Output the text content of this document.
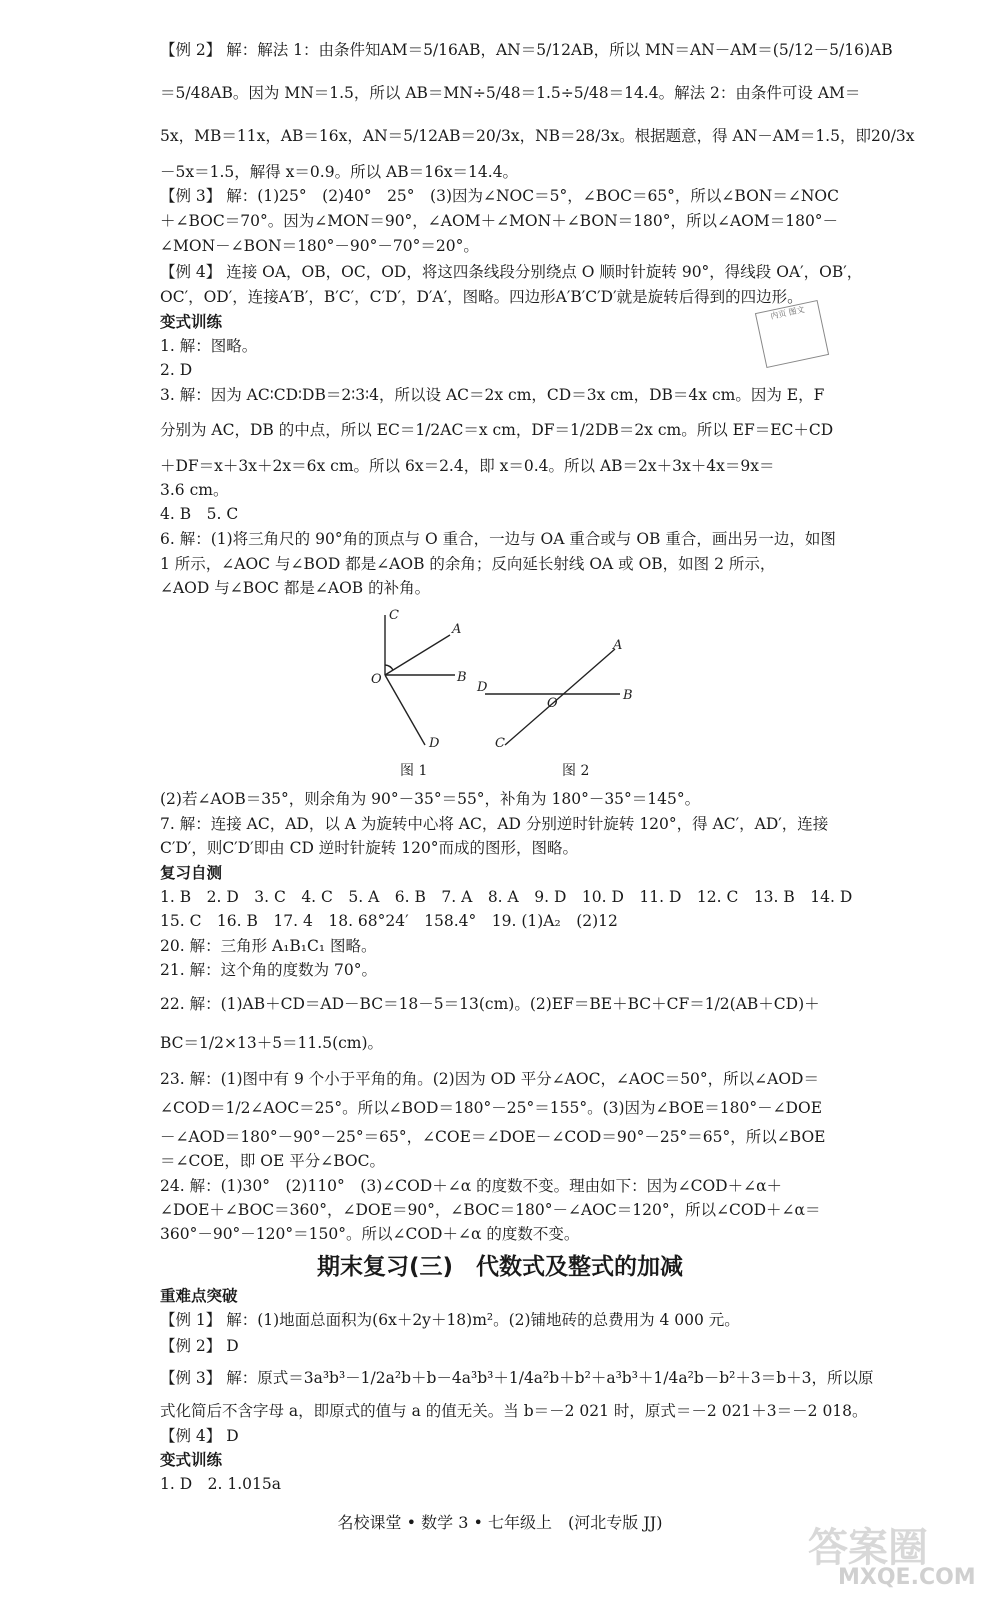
【例 2】 解：解法 1：由条件知AM＝5/16AB，AN＝5/12AB，所以 MN＝AN－AM＝(5/12－5/16)AB
＝5/48AB。因为 MN＝1.5，所以 AB＝MN÷5/48＝1.5÷5/48＝14.4。解法 2：由条件可设 AM＝
5x，MB＝11x，AB＝16x，AN＝5/12AB＝20/3x，NB＝28/3x。根据题意，得 AN－AM＝1.5，即20/3x
－5x＝1.5，解得 x＝0.9。所以 AB＝16x＝14.4。
【例 3】 解：(1)25°　(2)40°　25°　(3)因为∠NOC＝5°，∠BOC＝65°，所以∠BON＝∠NOC
＋∠BOC＝70°。因为∠MON＝90°，∠AOM＋∠MON＋∠BON＝180°，所以∠AOM＝180°－
∠MON－∠BON＝180°－90°－70°＝20°。
【例 4】 连接 OA，OB，OC，OD，将这四条线段分别绕点 O 顺时针旋转 90°，得线段 OA′，OB′，
OC′，OD′，连接A′B′，B′C′，C′D′，D′A′，图略。四边形A′B′C′D′就是旋转后得到的四边形。
变式训练
1. 解：图略。
2. D
3. 解：因为 AC∶CD∶DB＝2∶3∶4，所以设 AC＝2x cm，CD＝3x cm，DB＝4x cm。因为 E，F
分别为 AC，DB 的中点，所以 EC＝1/2AC＝x cm，DF＝1/2DB＝2x cm。所以 EF＝EC＋CD
＋DF＝x＋3x＋2x＝6x cm。所以 6x＝2.4，即 x＝0.4。所以 AB＝2x＋3x＋4x＝9x＝
3.6 cm。
4. B　5. C
6. 解：(1)将三角尺的 90°角的顶点与 O 重合，一边与 OA 重合或与 OB 重合，画出另一边，如图
1 所示，∠AOC 与∠BOD 都是∠AOB 的余角；反向延长射线 OA 或 OB，如图 2 所示，
∠AOD 与∠BOC 都是∠AOB 的补角。
C
A
O	B
D
A
D
O
B
C
图 1	图 2
(2)若∠AOB＝35°，则余角为 90°－35°＝55°，补角为 180°－35°＝145°。
7. 解：连接 AC，AD，以 A 为旋转中心将 AC，AD 分别逆时针旋转 120°，得 AC′，AD′，连接
C′D′，则C′D′即由 CD 逆时针旋转 120°而成的图形，图略。
复习自测
1. B　2. D　3. C　4. C　5. A　6. B　7. A　8. A　9. D　10. D　11. D　12. C　13. B　14. D
15. C　16. B　17. 4　18. 68°24′　158.4°　19. (1)A₂　(2)12
20. 解：三角形 A₁B₁C₁ 图略。
21. 解：这个角的度数为 70°。
22. 解：(1)AB＋CD＝AD－BC＝18－5＝13(cm)。(2)EF＝BE＋BC＋CF＝1/2(AB＋CD)＋
BC＝1/2×13＋5＝11.5(cm)。
23. 解：(1)图中有 9 个小于平角的角。(2)因为 OD 平分∠AOC，∠AOC＝50°，所以∠AOD＝
∠COD＝1/2∠AOC＝25°。所以∠BOD＝180°－25°＝155°。(3)因为∠BOE＝180°－∠DOE
－∠AOD＝180°－90°－25°＝65°，∠COE＝∠DOE－∠COD＝90°－25°＝65°，所以∠BOE
＝∠COE，即 OE 平分∠BOC。
24. 解：(1)30°　(2)110°　(3)∠COD＋∠α 的度数不变。理由如下：因为∠COD＋∠α＋
∠DOE＋∠BOC＝360°，∠DOE＝90°，∠BOC＝180°－∠AOC＝120°，所以∠COD＋∠α＝
360°－90°－120°＝150°。所以∠COD＋∠α 的度数不变。
期末复习(三)　代数式及整式的加减
重难点突破
【例 1】 解：(1)地面总面积为(6x＋2y＋18)m²。(2)铺地砖的总费用为 4 000 元。
【例 2】 D
【例 3】 解：原式＝3a³b³－1/2a²b＋b－4a³b³＋1/4a²b＋b²＋a³b³＋1/4a²b－b²＋3＝b＋3，所以原
式化简后不含字母 a，即原式的值与 a 的值无关。当 b＝－2 021 时，原式＝－2 021＋3＝－2 018。
【例 4】 D
变式训练
1. D　2. 1.015a
内页 图文
名校课堂 • 数学 3 • 七年级上　(河北专版 JJ)
答案圈
MXQE.COM
